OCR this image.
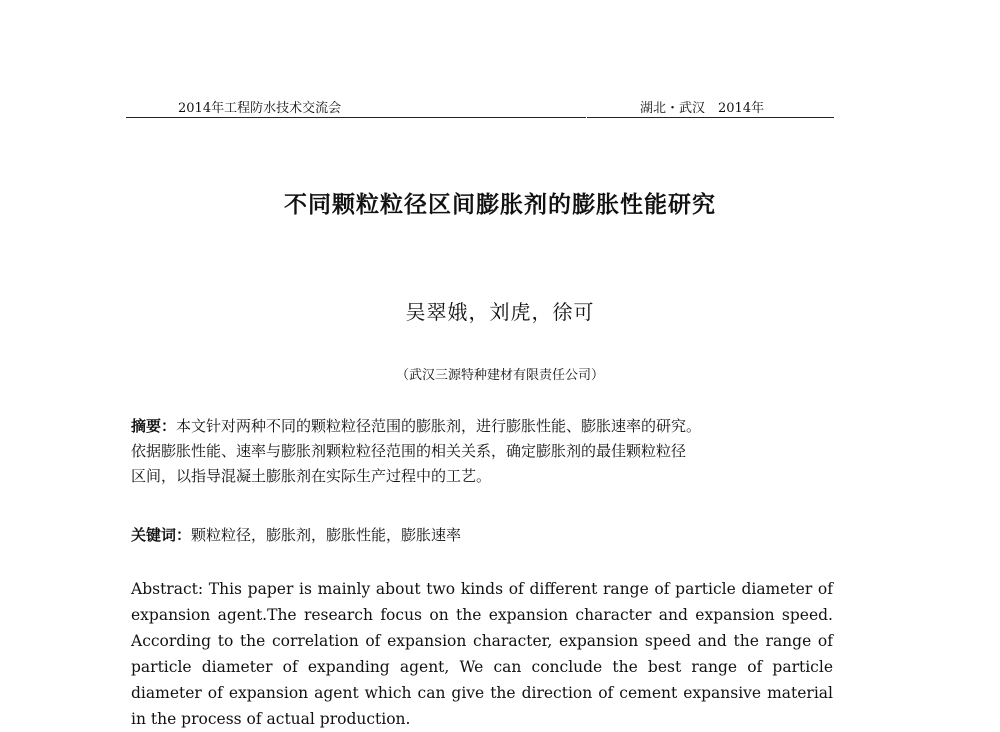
2014年工程防水技术交流会	湖北・武汉　2014年
不同颗粒粒径区间膨胀剂的膨胀性能研究
吴翠娥，刘虎，徐可
（武汉三源特种建材有限责任公司）
摘要：本文针对两种不同的颗粒粒径范围的膨胀剂，进行膨胀性能、膨胀速率的研究。
依据膨胀性能、速率与膨胀剂颗粒粒径范围的相关关系，确定膨胀剂的最佳颗粒粒径
区间，以指导混凝土膨胀剂在实际生产过程中的工艺。
关键词：颗粒粒径，膨胀剂，膨胀性能，膨胀速率
Abstract: This paper is mainly about two kinds of different range of particle diameter of expansion agent.The research focus on the expansion character and expansion speed. According to the correlation of expansion character, expansion speed and the range of particle diameter of expanding agent, We can conclude the best range of particle diameter of expansion agent which can give the direction of cement expansive material in the process of actual production.
